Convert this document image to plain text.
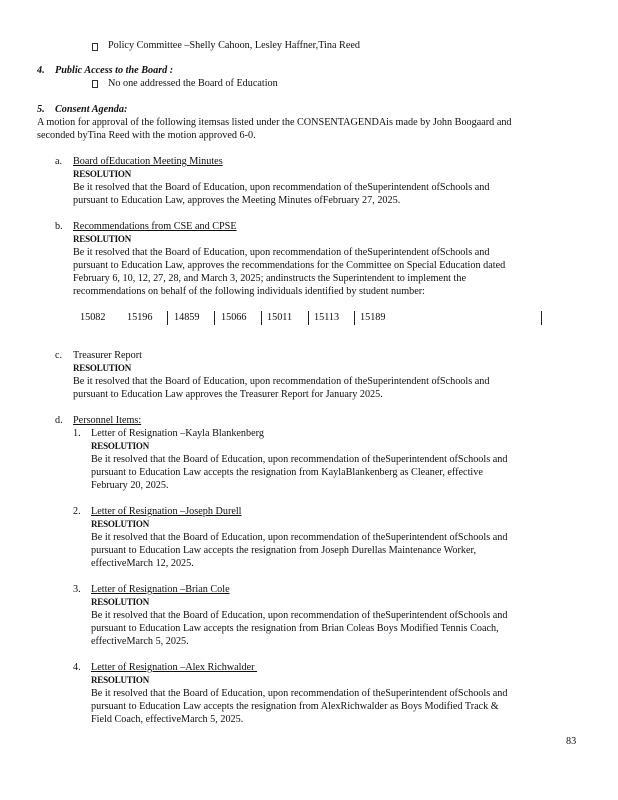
Policy Committee –Shelly Cahoon, Lesley Haffner,Tina Reed
4. Public Access to the Board :
No one addressed the Board of Education
5. Consent Agenda:

A motion for approval of the following itemsas listed under the CONSENTAGENDAis made by John Boogaard and

seconded byTina Reed with the motion approved 6-0.

a. Board ofEducation Meeting Minutes
RESOLUTION

Be it resolved that the Board of Education, upon recommendation of theSuperintendent ofSchools and

pursuant to Education Law, approves the Meeting Minutes ofFebruary 27, 2025.

b. Recommendations from CSE and CPSE
RESOLUTION

Be it resolved that the Board of Education, upon recommendation of theSuperintendent ofSchools and

pursuant to Education Law, approves the recommendations for the Committee on Special Education dated

February 6, 10, 12, 27, 28, and March 3, 2025; andinstructs the Superintendent to implement the

recommendations on behalf of the following individuals identified by student number:

15082 15196 14859 15066 15011 15113 15189
c. Treasurer Report
RESOLUTION

Be it resolved that the Board of Education, upon recommendation of theSuperintendent ofSchools and

pursuant to Education Law approves the Treasurer Report for January 2025.

d. Personnel Items:
1. Letter of Resignation –Kayla Blankenberg
RESOLUTION

Be it resolved that the Board of Education, upon recommendation of theSuperintendent ofSchools and

pursuant to Education Law accepts the resignation from KaylaBlankenberg as Cleaner, effective

February 20, 2025.

2. Letter of Resignation –Joseph Durell
RESOLUTION

Be it resolved that the Board of Education, upon recommendation of theSuperintendent ofSchools and

pursuant to Education Law accepts the resignation from Joseph Durellas Maintenance Worker,

effectiveMarch 12, 2025.

3. Letter of Resignation –Brian Cole
RESOLUTION

Be it resolved that the Board of Education, upon recommendation of theSuperintendent ofSchools and

pursuant to Education Law accepts the resignation from Brian Coleas Boys Modified Tennis Coach,

effectiveMarch 5, 2025.

4. Letter of Resignation –Alex Richwalder
RESOLUTION

Be it resolved that the Board of Education, upon recommendation of theSuperintendent ofSchools and

pursuant to Education Law accepts the resignation from AlexRichwalder as Boys Modified Track &

Field Coach, effectiveMarch 5, 2025.

83
